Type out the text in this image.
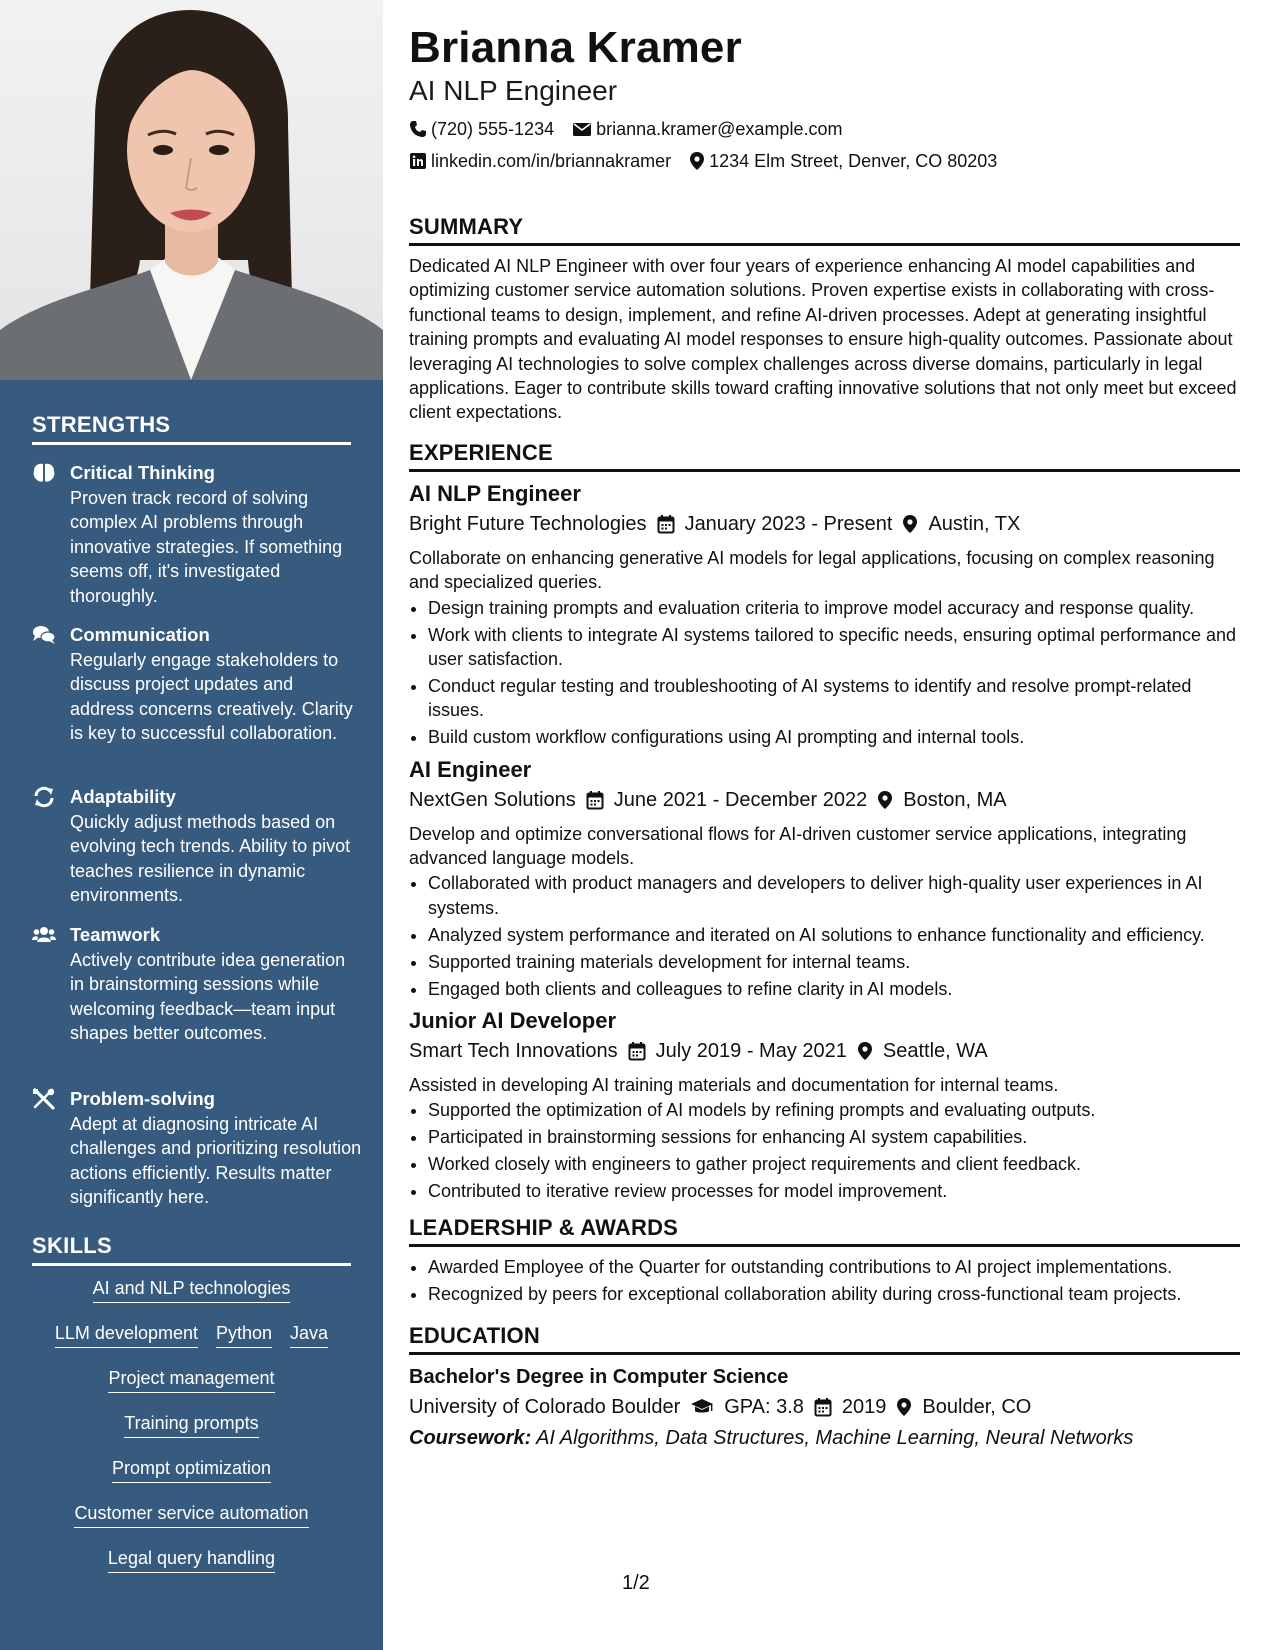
STRENGTHS
Critical Thinking
Proven track record of solving complex AI problems through innovative strategies. If something seems off, it's investigated thoroughly.
Communication
Regularly engage stakeholders to discuss project updates and address concerns creatively. Clarity is key to successful collaboration.
Adaptability
Quickly adjust methods based on evolving tech trends. Ability to pivot teaches resilience in dynamic environments.
Teamwork
Actively contribute idea generation in brainstorming sessions while welcoming feedback—team input shapes better outcomes.
Problem-solving
Adept at diagnosing intricate AI challenges and prioritizing resolution actions efficiently. Results matter significantly here.
SKILLS
AI and NLP technologies
LLM development Python Java
Project management
Training prompts
Prompt optimization
Customer service automation
Legal query handling
Brianna Kramer
AI NLP Engineer
(720) 555-1234 brianna.kramer@example.com
linkedin.com/in/briannakramer 1234 Elm Street, Denver, CO 80203
SUMMARY
Dedicated AI NLP Engineer with over four years of experience enhancing AI model capabilities and optimizing customer service automation solutions. Proven expertise exists in collaborating with cross-functional teams to design, implement, and refine AI-driven processes. Adept at generating insightful training prompts and evaluating AI model responses to ensure high-quality outcomes. Passionate about leveraging AI technologies to solve complex challenges across diverse domains, particularly in legal applications. Eager to contribute skills toward crafting innovative solutions that not only meet but exceed client expectations.
EXPERIENCE
AI NLP Engineer
Bright Future Technologies January 2023 - Present Austin, TX
Collaborate on enhancing generative AI models for legal applications, focusing on complex reasoning and specialized queries.
• Design training prompts and evaluation criteria to improve model accuracy and response quality.
• Work with clients to integrate AI systems tailored to specific needs, ensuring optimal performance and user satisfaction.
• Conduct regular testing and troubleshooting of AI systems to identify and resolve prompt-related issues.
• Build custom workflow configurations using AI prompting and internal tools.
AI Engineer
NextGen Solutions June 2021 - December 2022 Boston, MA
Develop and optimize conversational flows for AI-driven customer service applications, integrating advanced language models.
• Collaborated with product managers and developers to deliver high-quality user experiences in AI systems.
• Analyzed system performance and iterated on AI solutions to enhance functionality and efficiency.
• Supported training materials development for internal teams.
• Engaged both clients and colleagues to refine clarity in AI models.
Junior AI Developer
Smart Tech Innovations July 2019 - May 2021 Seattle, WA
Assisted in developing AI training materials and documentation for internal teams.
• Supported the optimization of AI models by refining prompts and evaluating outputs.
• Participated in brainstorming sessions for enhancing AI system capabilities.
• Worked closely with engineers to gather project requirements and client feedback.
• Contributed to iterative review processes for model improvement.
LEADERSHIP & AWARDS
• Awarded Employee of the Quarter for outstanding contributions to AI project implementations.
• Recognized by peers for exceptional collaboration ability during cross-functional team projects.
EDUCATION
Bachelor's Degree in Computer Science
University of Colorado Boulder GPA: 3.8 2019 Boulder, CO
Coursework: AI Algorithms, Data Structures, Machine Learning, Neural Networks
1/2
